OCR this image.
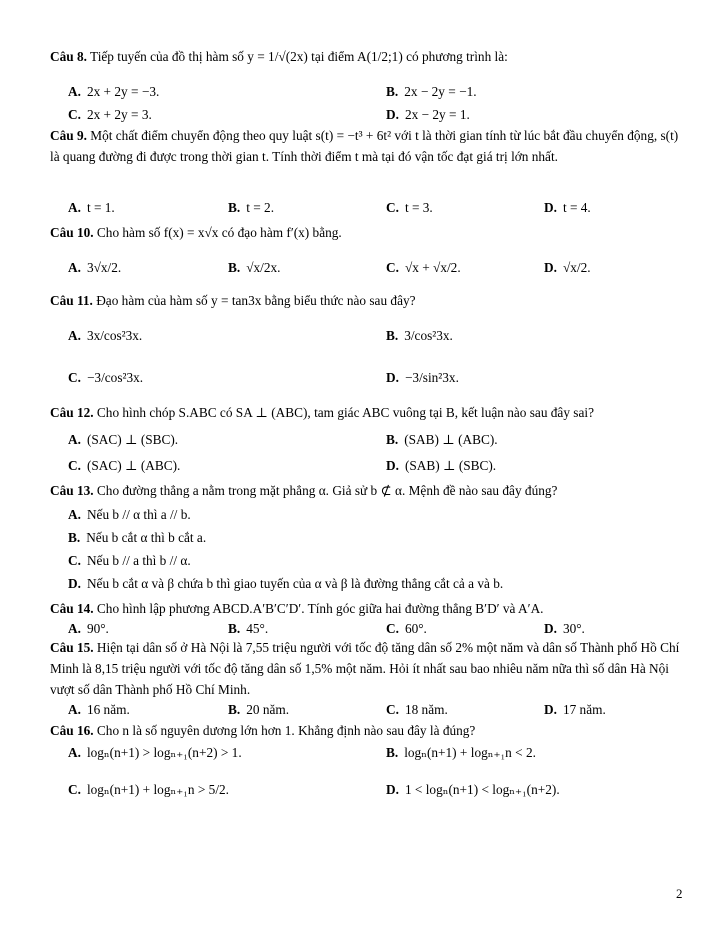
Câu 8. Tiếp tuyến của đồ thị hàm số y = 1/√(2x) tại điểm A(1/2;1) có phương trình là:
A. 2x + 2y = −3.	B. 2x − 2y = −1.
C. 2x + 2y = 3.	D. 2x − 2y = 1.
Câu 9. Một chất điểm chuyển động theo quy luật s(t) = −t³ + 6t² với t là thời gian tính từ lúc bắt đầu chuyển động, s(t) là quang đường đi được trong thời gian t. Tính thời điểm t mà tại đó vận tốc đạt giá trị lớn nhất.
A. t = 1.	B. t = 2.	C. t = 3.	D. t = 4.
Câu 10. Cho hàm số f(x) = x√x có đạo hàm f′(x) bằng.
A. 3√x/2.	B. √x/2x.	C. √x + √x/2.	D. √x/2.
Câu 11. Đạo hàm của hàm số y = tan3x bằng biểu thức nào sau đây?
A. 3x/cos²3x.	B. 3/cos²3x.
C. −3/cos²3x.	D. −3/sin²3x.
Câu 12. Cho hình chóp S.ABC có SA ⊥ (ABC), tam giác ABC vuông tại B, kết luận nào sau đây sai?
A. (SAC) ⊥ (SBC).	B. (SAB) ⊥ (ABC).
C. (SAC) ⊥ (ABC).	D. (SAB) ⊥ (SBC).
Câu 13. Cho đường thẳng a nằm trong mặt phẳng α. Giả sử b ⊄ α. Mệnh đề nào sau đây đúng?
A. Nếu b // α thì a // b.
B. Nếu b cắt α thì b cắt a.
C. Nếu b // a thì b // α.
D. Nếu b cắt α và β chứa b thì giao tuyến của α và β là đường thẳng cắt cả a và b.
Câu 14. Cho hình lập phương ABCD.A′B′C′D′. Tính góc giữa hai đường thẳng B′D′ và A′A.
A. 90°.	B. 45°.	C. 60°.	D. 30°.
Câu 15. Hiện tại dân số ở Hà Nội là 7,55 triệu người với tốc độ tăng dân số 2% một năm và dân số Thành phố Hồ Chí Minh là 8,15 triệu người với tốc độ tăng dân số 1,5% một năm. Hỏi ít nhất sau bao nhiêu năm nữa thì số dân Hà Nội vượt số dân Thành phố Hồ Chí Minh.
A. 16 năm.	B. 20 năm.	C. 18 năm.	D. 17 năm.
Câu 16. Cho n là số nguyên dương lớn hơn 1. Khẳng định nào sau đây là đúng?
A. logₙ(n+1) > logₙ₊₁(n+2) > 1.	B. logₙ(n+1) + logₙ₊₁n < 2.
C. logₙ(n+1) + logₙ₊₁n > 5/2.	D. 1 < logₙ(n+1) < logₙ₊₁(n+2).
2
